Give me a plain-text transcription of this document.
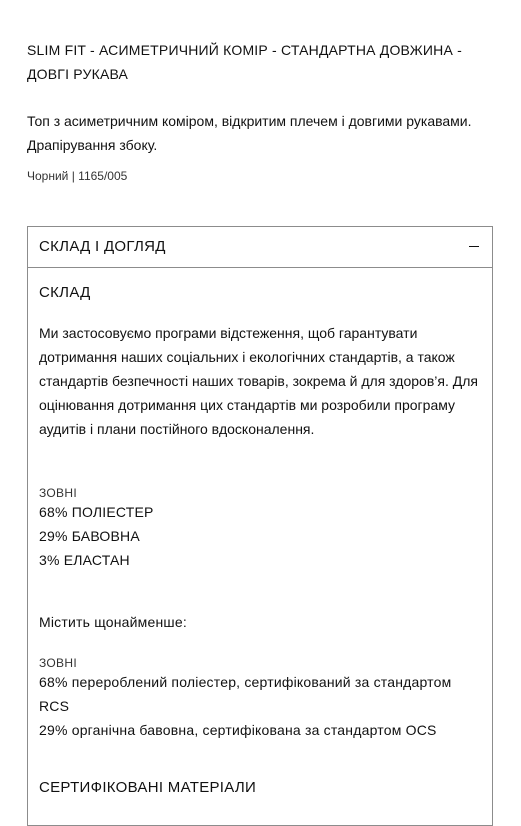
SLIM FIT - АСИМЕТРИЧНИЙ КОМІР - СТАНДАРТНА ДОВЖИНА - ДОВГІ РУКАВА
Топ з асиметричним коміром, відкритим плечем і довгими рукавами. Драпірування збоку.
Чорний | 1165/005
СКЛАД І ДОГЛЯД
СКЛАД
Ми застосовуємо програми відстеження, щоб гарантувати дотримання наших соціальних і екологічних стандартів, а також стандартів безпечності наших товарів, зокрема й для здоров’я. Для оцінювання дотримання цих стандартів ми розробили програму аудитів і плани постійного вдосконалення.
ЗОВНІ
68% ПОЛІЕСТЕР
29% БАВОВНА
3% ЕЛАСТАН
Містить щонайменше:
ЗОВНІ
68% перероблений поліестер, сертифікований за стандартом RCS
29% органічна бавовна, сертифікована за стандартом OCS
СЕРТИФІКОВАНІ МАТЕРІАЛИ
